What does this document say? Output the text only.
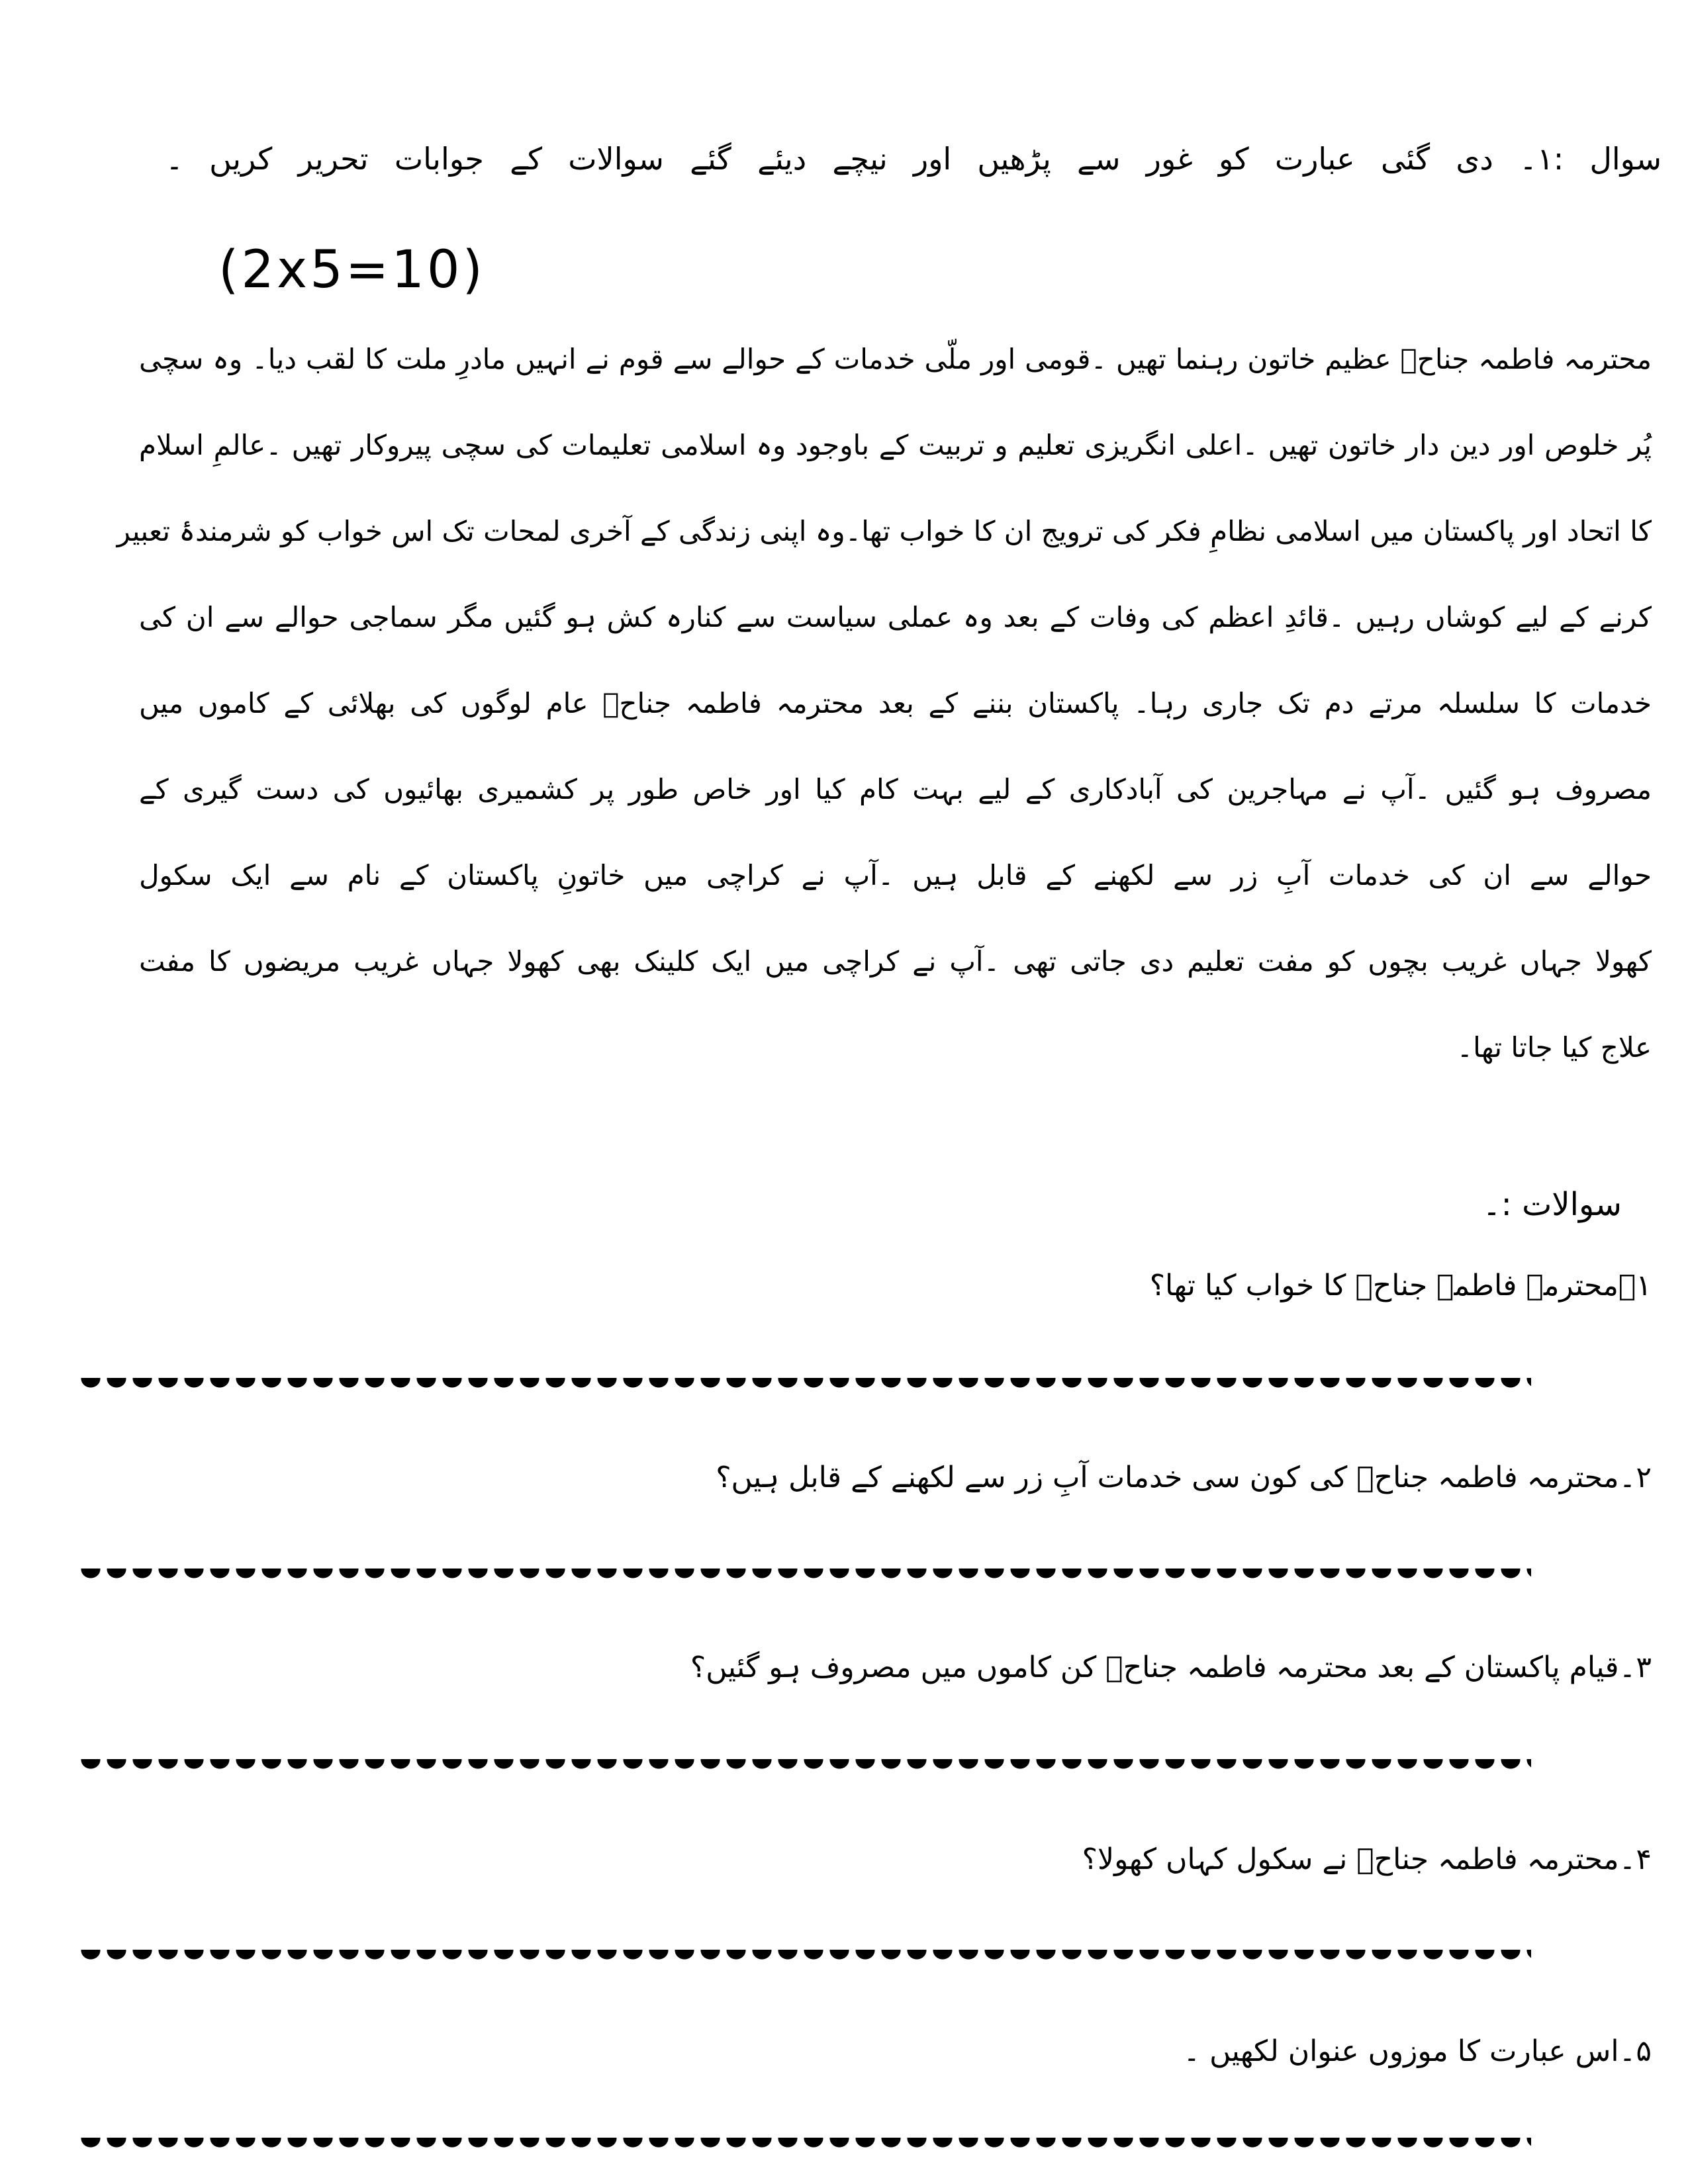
سوال :۱۔ دی گئی عبارت کو غور سے پڑھیں اور نیچے دیئے گئے سوالات کے جوابات تحریر کریں ۔
(2x5=10)
محترمہ فاطمہ جناحؒ عظیم خاتون رہنما تھیں ۔قومی اور ملّی خدمات کے حوالے سے قوم نے انہیں مادرِ ملت کا لقب دیا۔ وہ سچی
پُر خلوص اور دین دار خاتون تھیں ۔اعلی انگریزی تعلیم و تربیت کے باوجود وہ اسلامی تعلیمات کی سچی پیروکار تھیں ۔عالمِ اسلام
کا اتحاد اور پاکستان میں اسلامی نظامِ فکر کی ترویج ان کا خواب تھا۔وہ اپنی زندگی کے آخری لمحات تک اس خواب کو شرمندۂ تعبیر
کرنے کے لیے کوشاں رہیں ۔قائدِ اعظم کی وفات کے بعد وہ عملی سیاست سے کنارہ کش ہو گئیں مگر سماجی حوالے سے ان کی
خدمات کا سلسلہ مرتے دم تک جاری رہا۔ پاکستان بننے کے بعد محترمہ فاطمہ جناحؒ عام لوگوں کی بھلائی کے کاموں میں
مصروف ہو گئیں ۔آپ نے مہاجرین کی آبادکاری کے لیے بہت کام کیا اور خاص طور پر کشمیری بھائیوں کی دست گیری کے
حوالے سے ان کی خدمات آبِ زر سے لکھنے کے قابل ہیں ۔آپ نے کراچی میں خاتونِ پاکستان کے نام سے ایک سکول
کھولا جہاں غریب بچوں کو مفت تعلیم دی جاتی تھی ۔آپ نے کراچی میں ایک کلینک بھی کھولا جہاں غریب مریضوں کا مفت
علاج کیا جاتا تھا۔
سوالات :۔
۱۔محترمہ فاطمہ جناحؒ کا خواب کیا تھا؟
۲۔محترمہ فاطمہ جناحؒ کی کون سی خدمات آبِ زر سے لکھنے کے قابل ہیں؟
۳۔قیام پاکستان کے بعد محترمہ فاطمہ جناحؒ کن کاموں میں مصروف ہو گئیں؟
۴۔محترمہ فاطمہ جناحؒ نے سکول کہاں کھولا؟
۵۔اس عبارت کا موزوں عنوان لکھیں ۔
